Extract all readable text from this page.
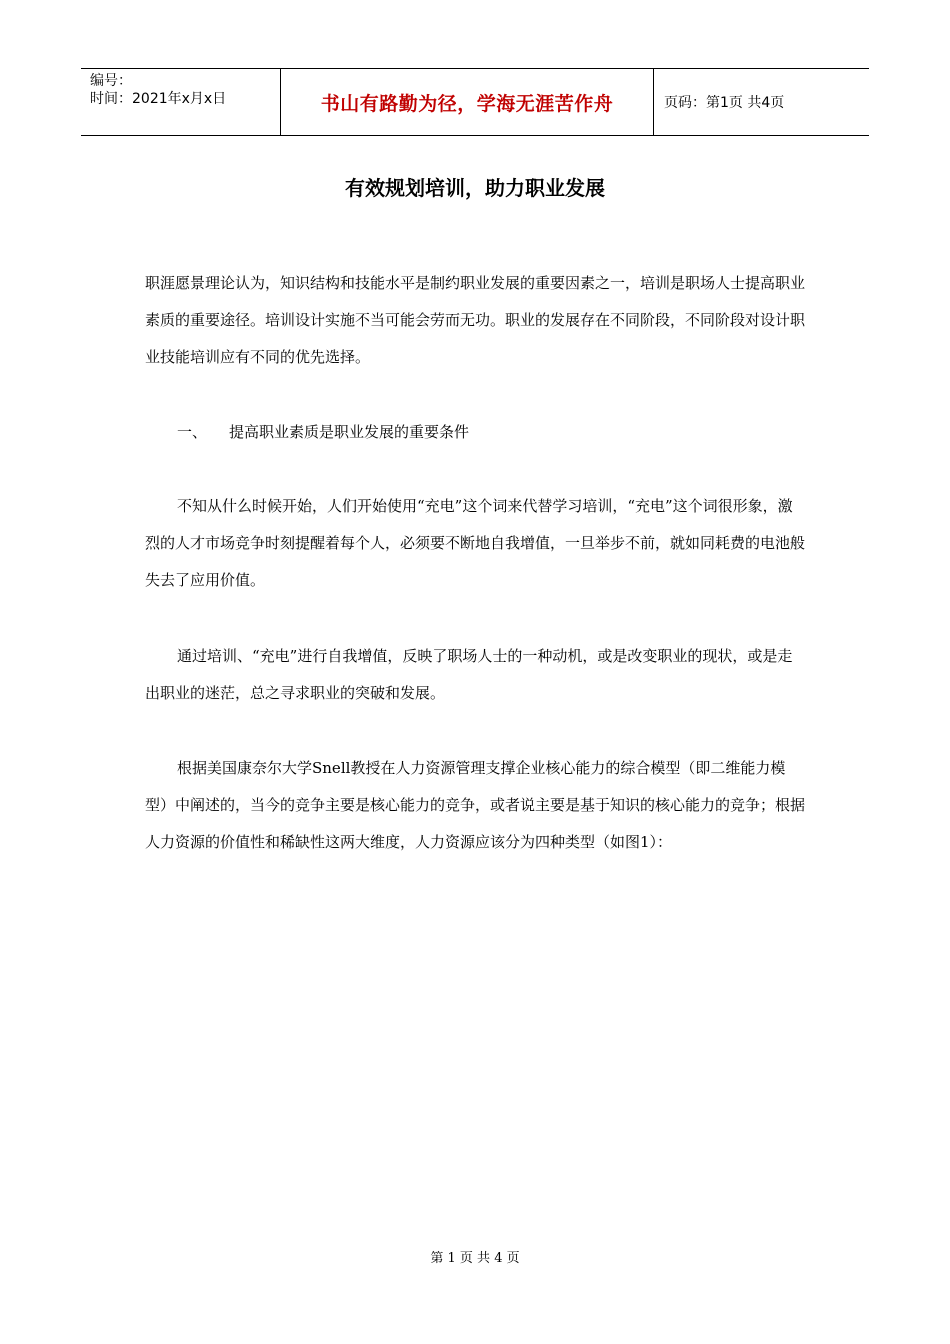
编号：
时间：2021年x月x日	书山有路勤为径，学海无涯苦作舟	页码：第1页 共4页
有效规划培训，助力职业发展

职涯愿景理论认为，知识结构和技能水平是制约职业发展的重要因素之一，培训是职场人士提高职业素质的重要途径。培训设计实施不当可能会劳而无功。职业的发展存在不同阶段，不同阶段对设计职业技能培训应有不同的优先选择。

一、 提高职业素质是职业发展的重要条件

不知从什么时候开始，人们开始使用“充电”这个词来代替学习培训，“充电”这个词很形象，激烈的人才市场竞争时刻提醒着每个人，必须要不断地自我增值，一旦举步不前，就如同耗费的电池般失去了应用价值。

通过培训、“充电”进行自我增值，反映了职场人士的一种动机，或是改变职业的现状，或是走出职业的迷茫，总之寻求职业的突破和发展。

根据美国康奈尔大学Snell教授在人力资源管理支撑企业核心能力的综合模型（即二维能力模型）中阐述的，当今的竞争主要是核心能力的竞争，或者说主要是基于知识的核心能力的竞争；根据人力资源的价值性和稀缺性这两大维度，人力资源应该分为四种类型（如图1）：

第 1 页 共 4 页
